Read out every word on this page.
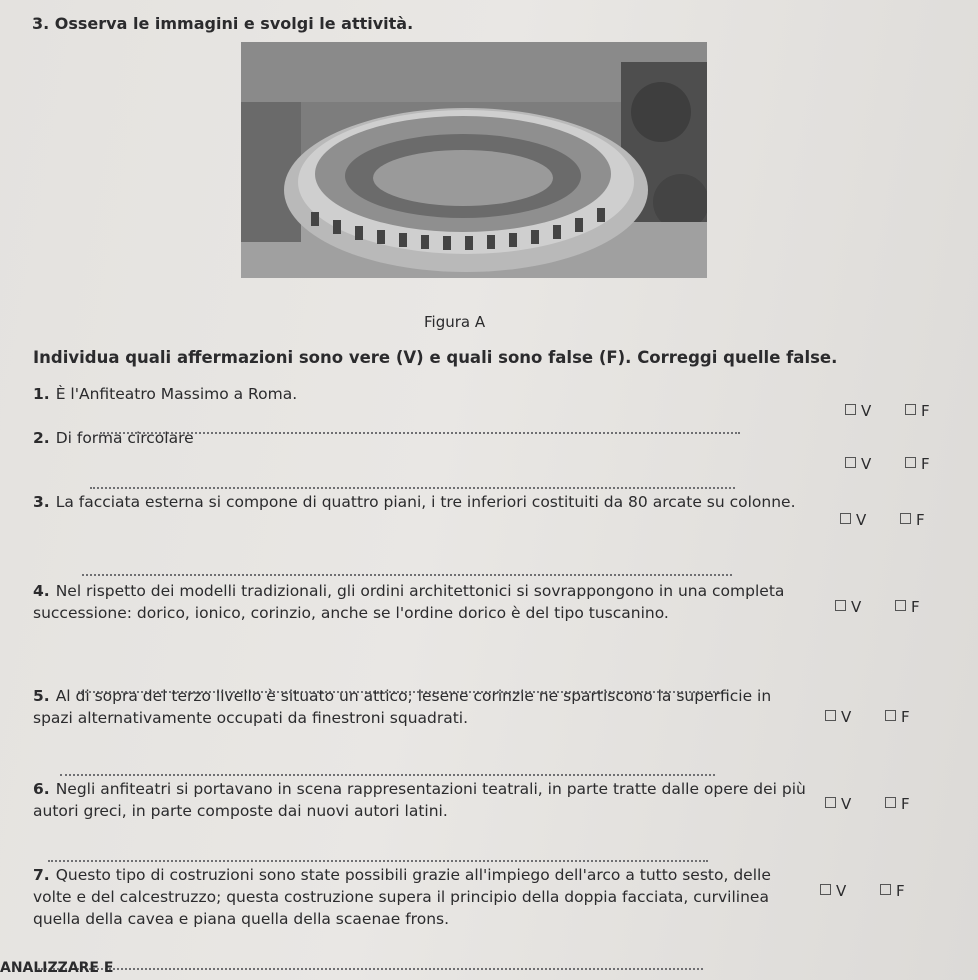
3. Osserva le immagini e svolgi le attività.
Figura A
Individua quali affermazioni sono vere (V) e quali sono false (F). Correggi quelle false.
1. È l'Anfiteatro Massimo a Roma.
V	F
2. Di forma circolare
V	F
3. La facciata esterna si compone di quattro piani, i tre inferiori costituiti da 80 arcate su colonne.
V	F
4. Nel rispetto dei modelli tradizionali, gli ordini architettonici si sovrappongono in una completa successione: dorico, ionico, corinzio, anche se l'ordine dorico è del tipo tuscanino.	V	F
5. Al di sopra del terzo livello è situato un attico; lesene corinzie ne spartiscono la superficie in spazi alternativamente occupati da finestroni squadrati.	V	F
6. Negli anfiteatri si portavano in scena rappresentazioni teatrali, in parte tratte dalle opere dei più autori greci, in parte composte dai nuovi autori latini.	V	F
7. Questo tipo di costruzioni sono state possibili grazie all'impiego dell'arco a tutto sesto, delle volte e del calcestruzzo; questa costruzione supera il principio della doppia facciata, curvilinea quella della cavea e piana quella della scaenae frons.
V	F
ANALIZZARE E
